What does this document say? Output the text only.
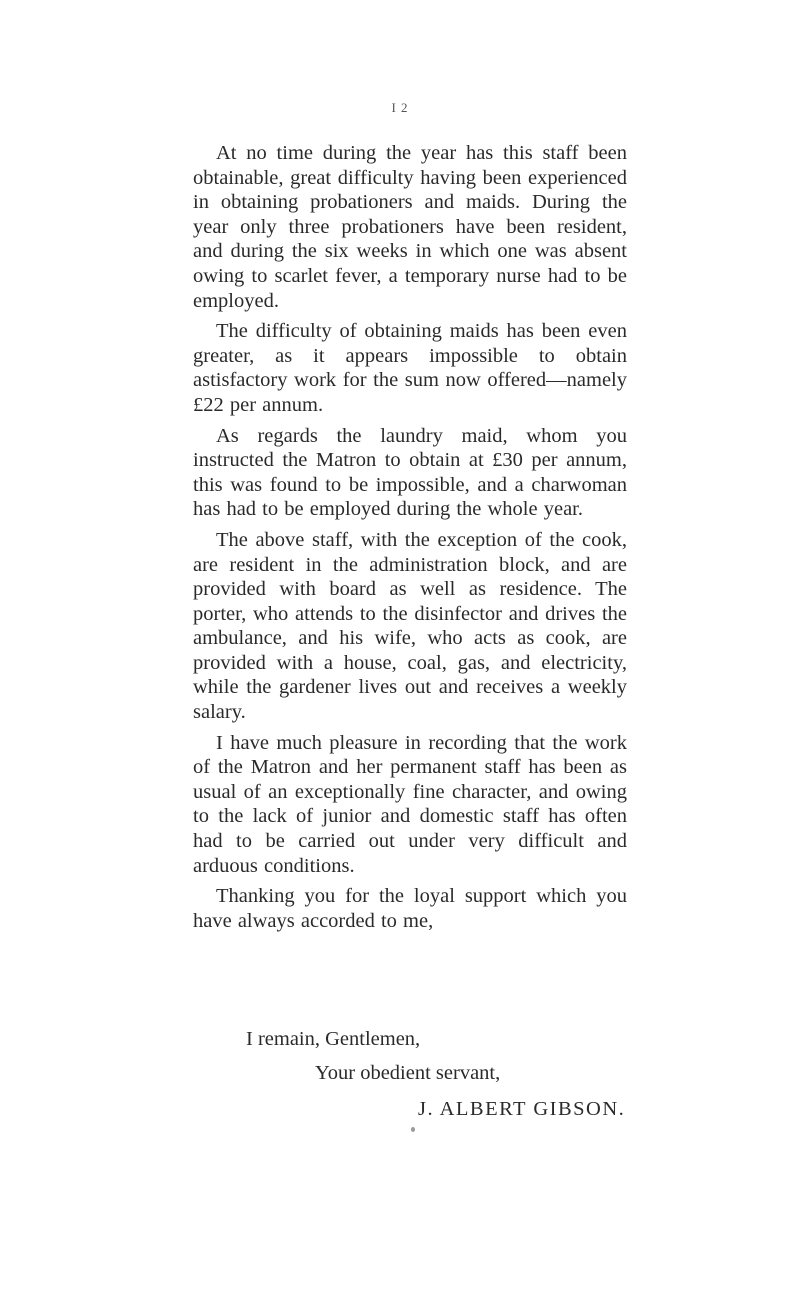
I 2

At no time during the year has this staff been obtainable, great difficulty having been experienced in obtaining probationers and maids. During the year only three probationers have been resident, and during the six weeks in which one was absent owing to scarlet fever, a temporary nurse had to be employed.

The difficulty of obtaining maids has been even greater, as it appears impossible to obtain astisfactory work for the sum now offered—namely £22 per annum.

As regards the laundry maid, whom you instructed the Matron to obtain at £30 per annum, this was found to be impossible, and a charwoman has had to be employed during the whole year.

The above staff, with the exception of the cook, are resident in the administration block, and are provided with board as well as residence. The porter, who attends to the disinfector and drives the ambulance, and his wife, who acts as cook, are provided with a house, coal, gas, and electricity, while the gardener lives out and receives a weekly salary.

I have much pleasure in recording that the work of the Matron and her permanent staff has been as usual of an exceptionally fine character, and owing to the lack of junior and domestic staff has often had to be carried out under very difficult and arduous conditions.

Thanking you for the loyal support which you have always accorded to me,

I remain, Gentlemen,
Your obedient servant,
J. ALBERT GIBSON.
